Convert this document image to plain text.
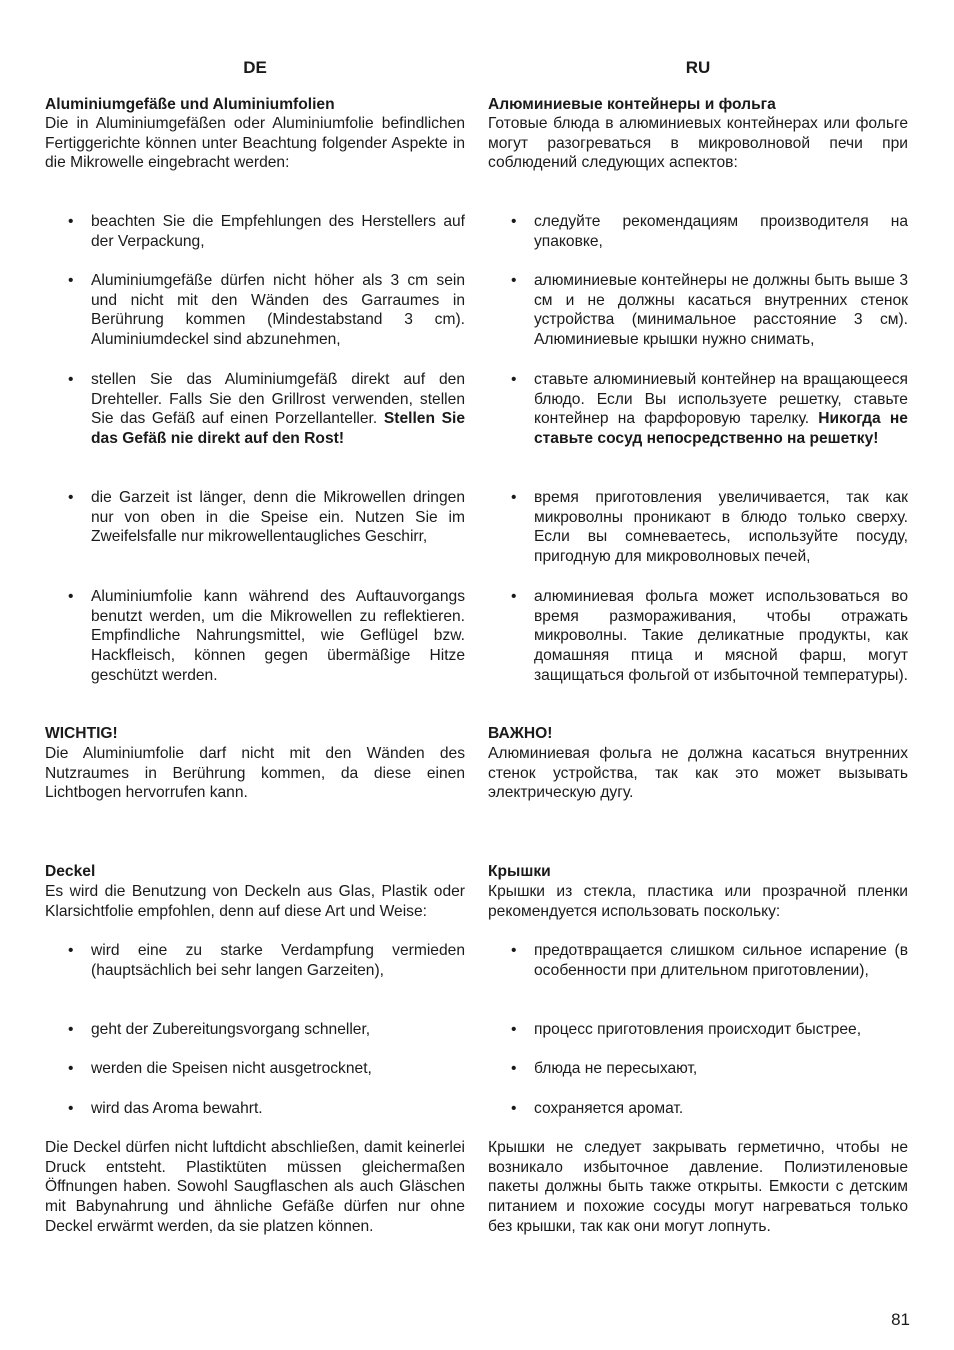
DE
Aluminiumgefäße und Aluminiumfolien
Die in Aluminiumgefäßen oder Aluminiumfolie befindlichen Fertiggerichte können unter Beachtung folgender Aspekte in die Mikrowelle eingebracht werden:
• beachten Sie die Empfehlungen des Herstellers auf der Verpackung,
• Aluminiumgefäße dürfen nicht höher als 3 cm sein und nicht mit den Wänden des Garraumes in Berührung kommen (Mindestabstand 3 cm). Aluminiumdeckel sind abzunehmen,
• stellen Sie das Aluminiumgefäß direkt auf den Drehteller. Falls Sie den Grillrost verwenden, stellen Sie das Gefäß auf einen Porzellanteller. Stellen Sie das Gefäß nie direkt auf den Rost!
• die Garzeit ist länger, denn die Mikrowellen dringen nur von oben in die Speise ein. Nutzen Sie im Zweifelsfalle nur mikrowellentaugliches Geschirr,
• Aluminiumfolie kann während des Auftauvorgangs benutzt werden, um die Mikrowellen zu reflektieren. Empfindliche Nahrungsmittel, wie Geflügel bzw. Hackfleisch, können gegen übermäßige Hitze geschützt werden.
WICHTIG!
Die Aluminiumfolie darf nicht mit den Wänden des Nutzraumes in Berührung kommen, da diese einen Lichtbogen hervorrufen kann.
Deckel
Es wird die Benutzung von Deckeln aus Glas, Plastik oder Klarsichtfolie empfohlen, denn auf diese Art und Weise:
• wird eine zu starke Verdampfung vermieden (hauptsächlich bei sehr langen Garzeiten),
• geht der Zubereitungsvorgang schneller,
• werden die Speisen nicht ausgetrocknet,
• wird das Aroma bewahrt.
Die Deckel dürfen nicht luftdicht abschließen, damit keinerlei Druck entsteht. Plastiktüten müssen gleichermaßen Öffnungen haben. Sowohl Saugflaschen als auch Gläschen mit Babynahrung und ähnliche Gefäße dürfen nur ohne Deckel erwärmt werden, da sie platzen können.
RU
Алюминиевые контейнеры и фольга
Готовые блюда в алюминиевых контейнерах или фольге могут разогреваться в микроволновой печи при соблюдений следующих аспектов:
• следуйте рекомендациям производителя на упаковке,
• алюминиевые контейнеры не должны быть выше 3 см и не должны касаться внутренних стенок устройства (минимальное расстояние 3 см). Алюминиевые крышки нужно снимать,
• ставьте алюминиевый контейнер на вращающееся блюдо. Если Вы используете решетку, ставьте контейнер на фарфоровую тарелку. Никогда не ставьте сосуд непосредственно на решетку!
• время приготовления увеличивается, так как микроволны проникают в блюдо только сверху. Если вы сомневаетесь, используйте посуду, пригодную для микроволновых печей,
• алюминиевая фольга может использоваться во время размораживания, чтобы отражать микроволны. Такие деликатные продукты, как домашняя птица и мясной фарш, могут защищаться фольгой от избыточной температуры).
ВАЖНО!
Алюминиевая фольга не должна касаться внутренних стенок устройства, так как это может вызывать электрическую дугу.
Крышки
Крышки из стекла, пластика или прозрачной пленки рекомендуется использовать поскольку:
• предотвращается слишком сильное испарение (в особенности при длительном приготовлении),
• процесс приготовления происходит быстрее,
• блюда не пересыхают,
• сохраняется аромат.
Крышки не следует закрывать герметично, чтобы не возникало избыточное давление. Полиэтиленовые пакеты должны быть также открыты. Емкости с детским питанием и похожие сосуды могут нагреваться только без крышки, так как они могут лопнуть.
81
